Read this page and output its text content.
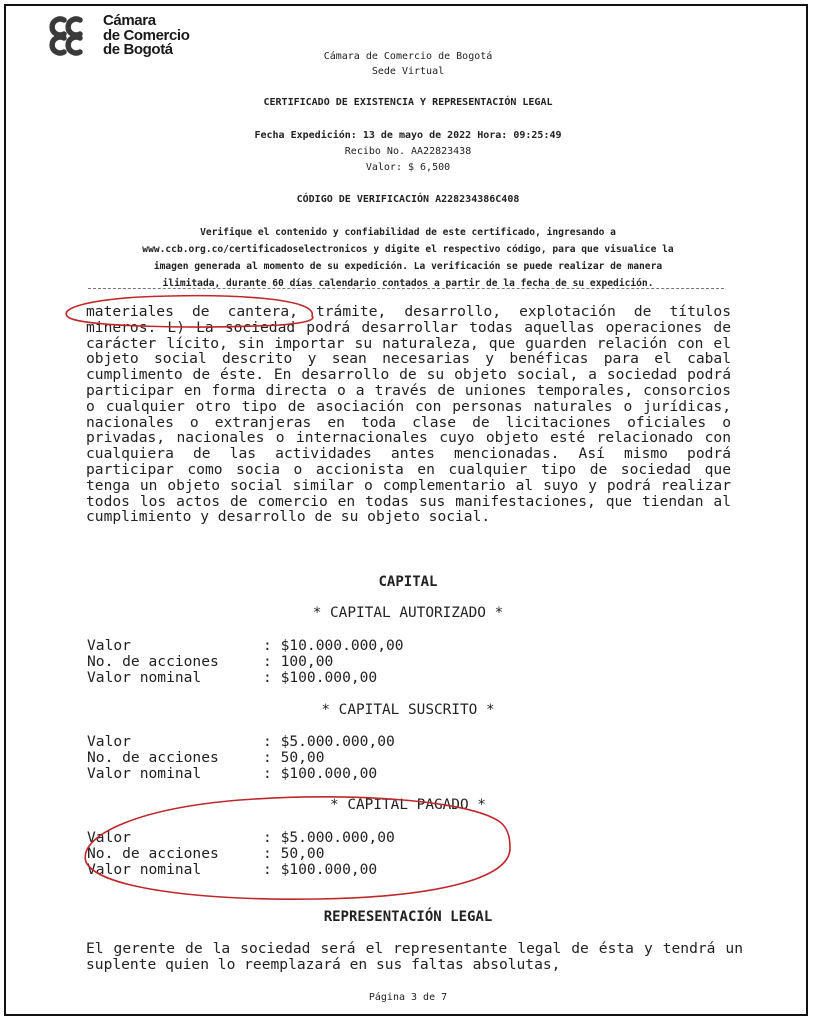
Cámara
de Comercio
de Bogotá	Cámara de Comercio de Bogotá
Sede Virtual
CERTIFICADO DE EXISTENCIA Y REPRESENTACIÓN LEGAL
Fecha Expedición: 13 de mayo de 2022 Hora: 09:25:49
Recibo No. AA22823438
Valor: $ 6,500
CÓDIGO DE VERIFICACIÓN A228234386C408
Verifique el contenido y confiabilidad de este certificado, ingresando a
www.ccb.org.co/certificadoselectronicos y digite el respectivo código, para que visualice la
imagen generada al momento de su expedición. La verificación se puede realizar de manera
ilimitada, durante 60 días calendario contados a partir de la fecha de su expedición.

materiales de cantera, trámite, desarrollo, explotación de títulos mineros. L) La sociedad podrá desarrollar todas aquellas operaciones de carácter lícito, sin importar su naturaleza, que guarden relación con el objeto social descrito y sean necesarias y benéficas para el cabal cumplimento de éste. En desarrollo de su objeto social, a sociedad podrá participar en forma directa o a través de uniones temporales, consorcios o cualquier otro tipo de asociación con personas naturales o jurídicas, nacionales o extranjeras en toda clase de licitaciones oficiales o privadas, nacionales o internacionales cuyo objeto esté relacionado con cualquiera de las actividades antes mencionadas. Así mismo podrá participar como socia o accionista en cualquier tipo de sociedad que tenga un objeto social similar o complementario al suyo y podrá realizar todos los actos de comercio en todas sus manifestaciones, que tiendan al cumplimiento y desarrollo de su objeto social.

CAPITAL
* CAPITAL AUTORIZADO *
Valor	: $10.000.000,00
No. de acciones	: 100,00
Valor nominal	: $100.000,00
* CAPITAL SUSCRITO *
Valor	: $5.000.000,00
No. de acciones	: 50,00
Valor nominal	: $100.000,00
* CAPITAL PAGADO *
Valor	: $5.000.000,00
No. de acciones	: 50,00
Valor nominal	: $100.000,00
REPRESENTACIÓN LEGAL

El gerente de la sociedad será el representante legal de ésta y tendrá un suplente quien lo reemplazará en sus faltas absolutas,

Página 3 de 7
